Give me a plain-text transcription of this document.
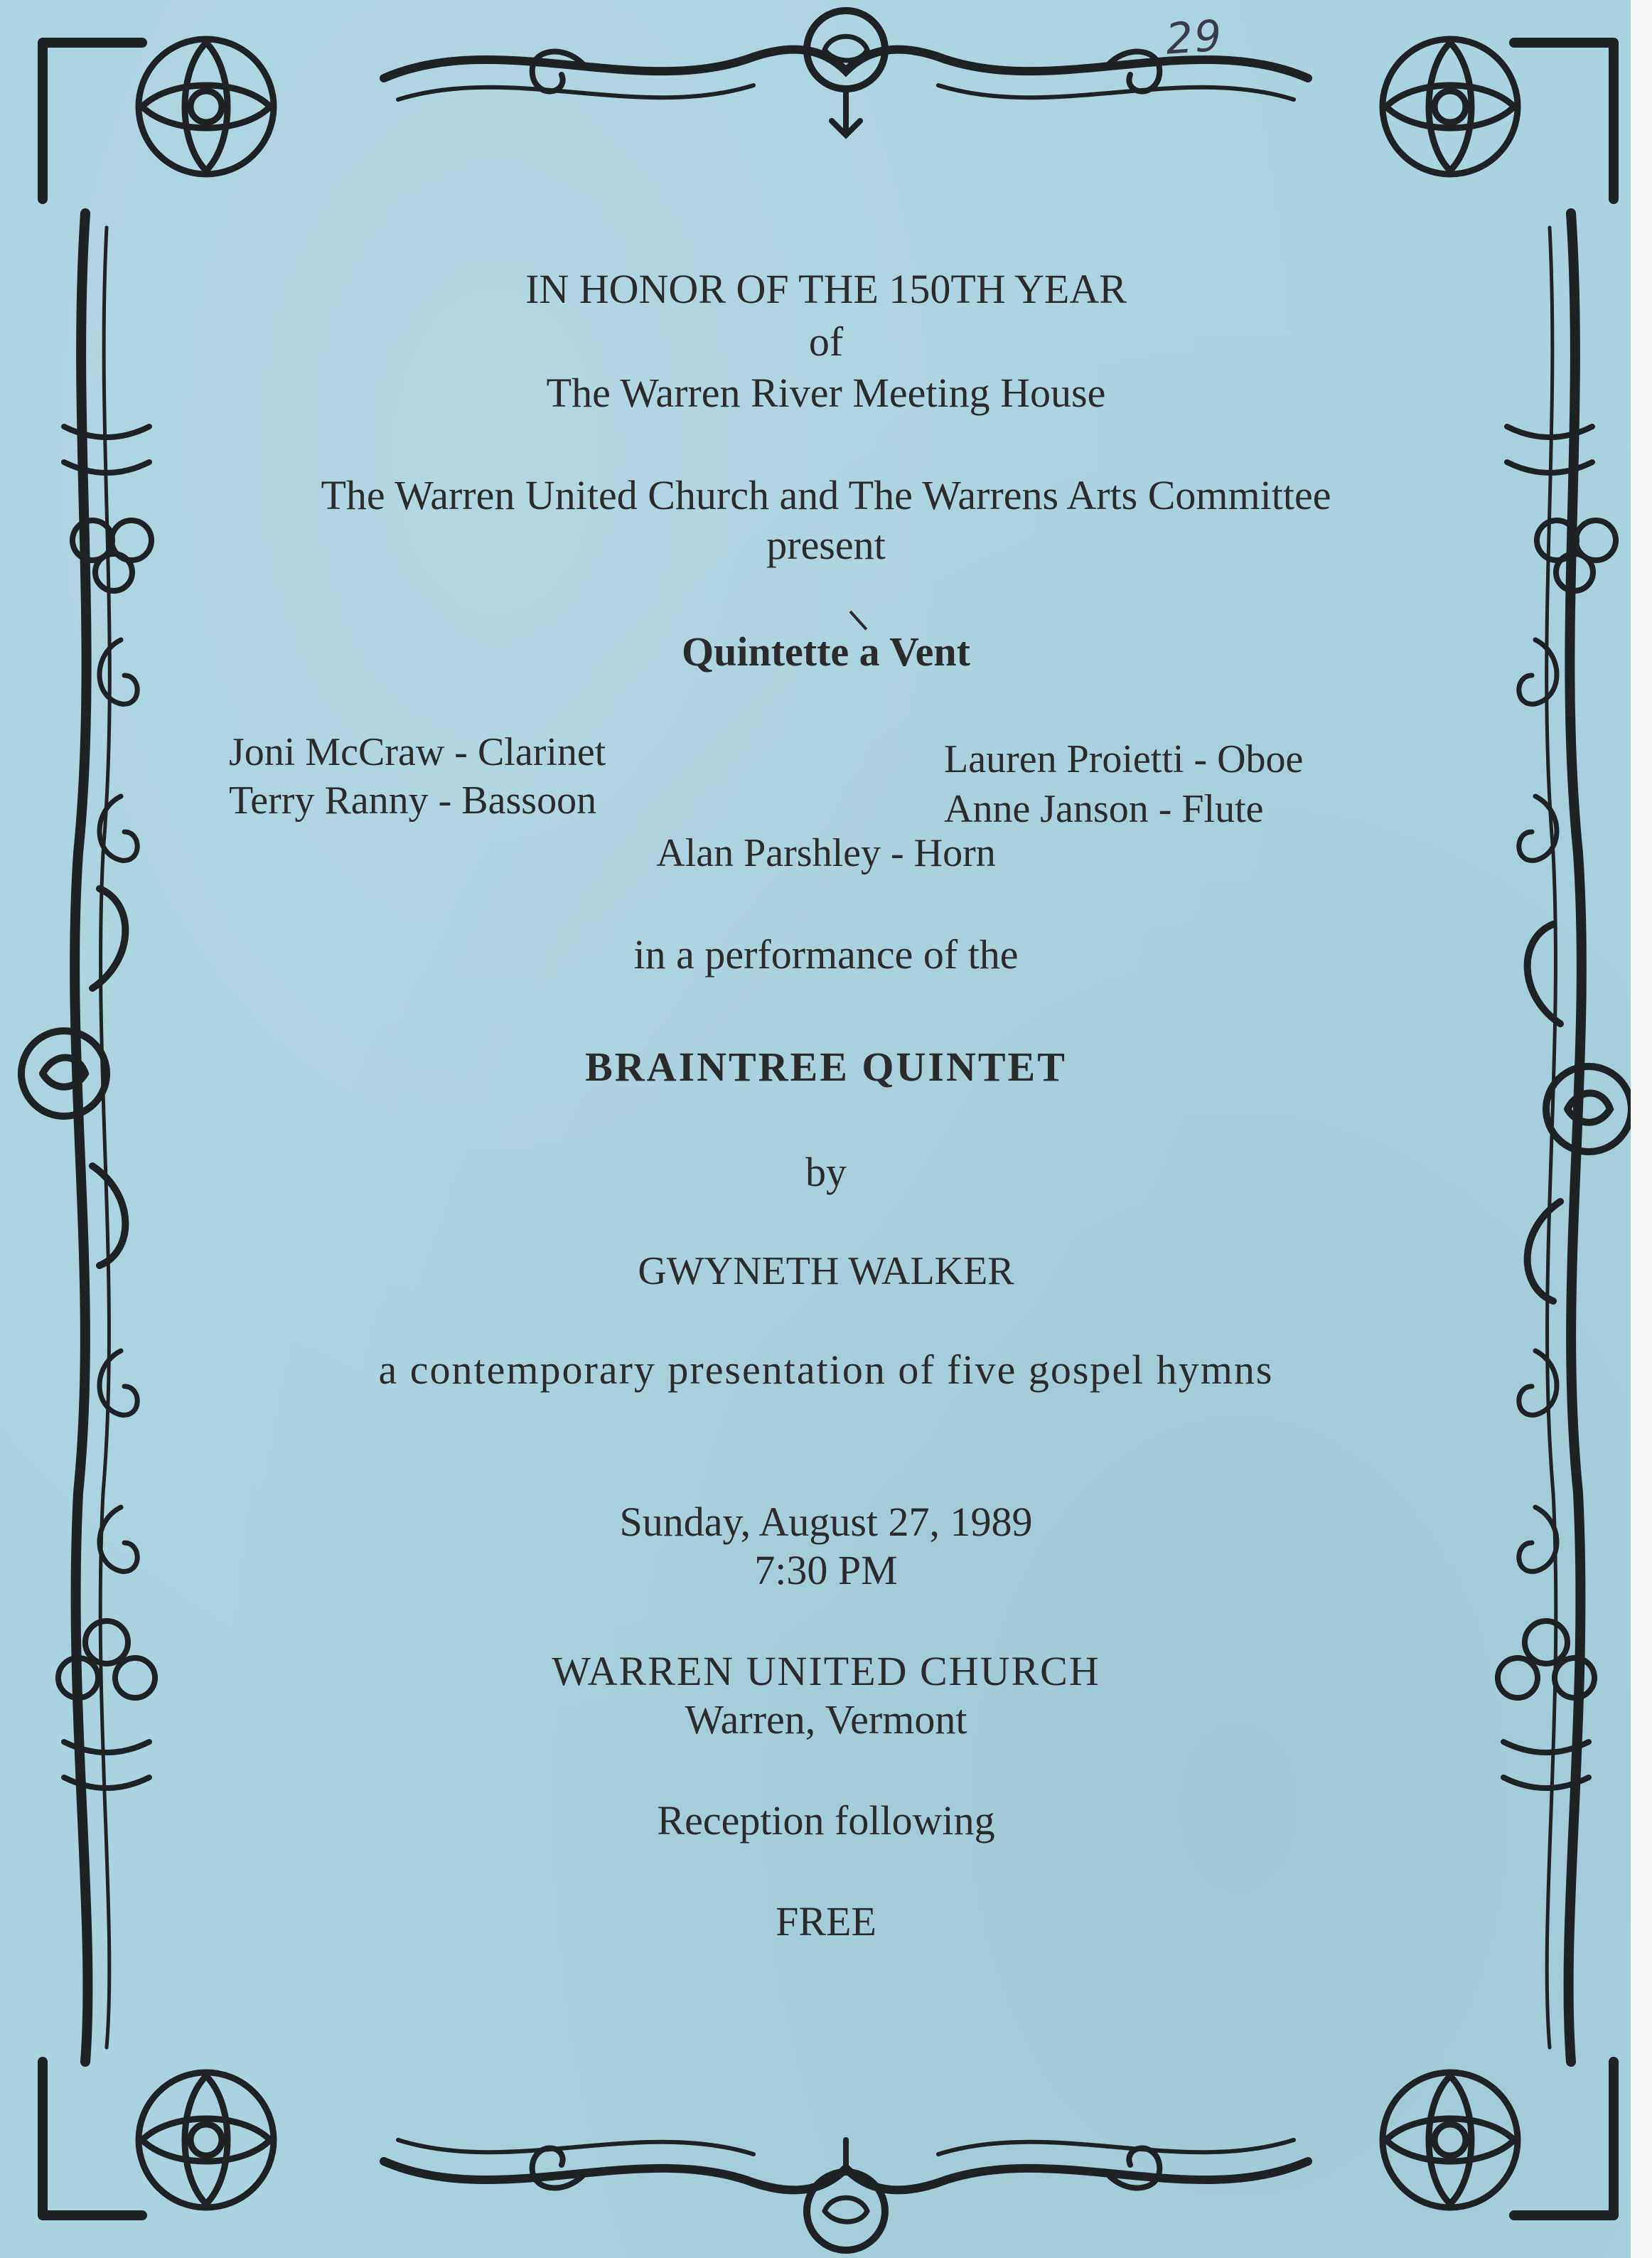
29
IN HONOR OF THE 150TH YEAR
of
The Warren River Meeting House
The Warren United Church and The Warrens Arts Committee
present
Quintette a Vent
Joni McCraw - Clarinet
Terry Ranny - Bassoon
Lauren Proietti - Oboe
Anne Janson - Flute
Alan Parshley - Horn
in a performance of the
BRAINTREE QUINTET
by
GWYNETH WALKER
a contemporary presentation of five gospel hymns
Sunday, August 27, 1989
7:30 PM
WARREN UNITED CHURCH
Warren, Vermont
Reception following
FREE
